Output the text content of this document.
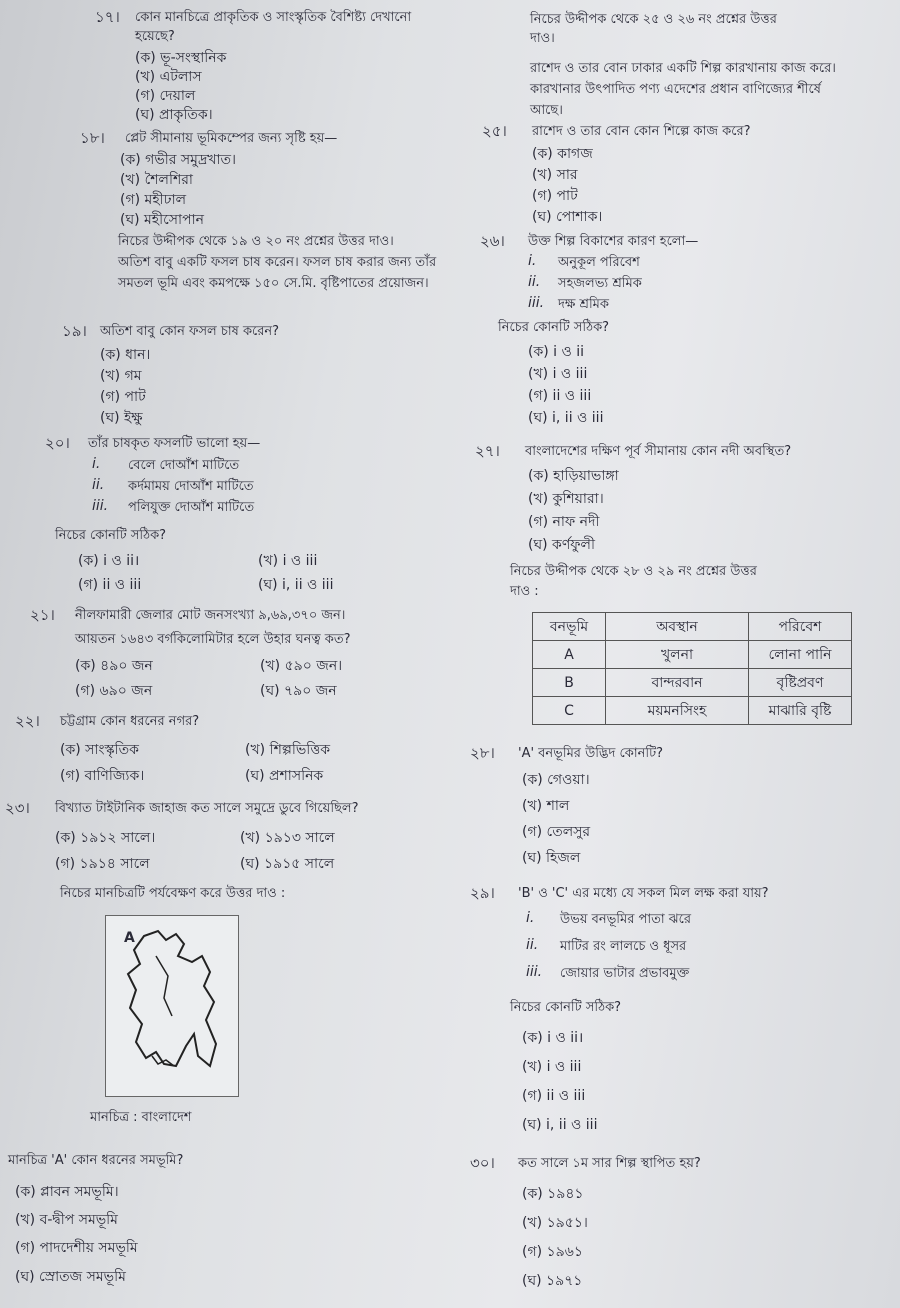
১৭। কোন মানচিত্রে প্রাকৃতিক ও সাংস্কৃতিক বৈশিষ্ট্য দেখানো
হয়েছে?
(ক) ভূ-সংস্থানিক
(খ) এটলাস
(গ) দেয়াল
(ঘ) প্রাকৃতিক।
১৮। প্লেট সীমানায় ভূমিকম্পের জন্য সৃষ্টি হয়—
(ক) গভীর সমুদ্রখাত।
(খ) শৈলশিরা
(গ) মহীঢাল
(ঘ) মহীসোপান
নিচের উদ্দীপক থেকে ১৯ ও ২০ নং প্রশ্নের উত্তর দাও।
অতিশ বাবু একটি ফসল চাষ করেন। ফসল চাষ করার জন্য তাঁর সমতল ভূমি এবং কমপক্ষে ১৫০ সে.মি. বৃষ্টিপাতের প্রয়োজন।
১৯। অতিশ বাবু কোন ফসল চাষ করেন?
(ক) ধান।
(খ) গম
(গ) পাট
(ঘ) ইক্ষু
২০। তাঁর চাষকৃত ফসলটি ভালো হয়—
i. বেলে দোআঁশ মাটিতে
ii. কর্দমাময় দোআঁশ মাটিতে
iii. পলিযুক্ত দোআঁশ মাটিতে
নিচের কোনটি সঠিক?
(ক) i ও ii।	(খ) i ও iii
(গ) ii ও iii	(ঘ) i, ii ও iii
২১। নীলফামারী জেলার মোট জনসংখ্যা ৯,৬৯,৩৭০ জন।
আয়তন ১৬৪৩ বর্গকিলোমিটার হলে উহার ঘনত্ব কত?
(ক) ৪৯০ জন	(খ) ৫৯০ জন।
(গ) ৬৯০ জন	(ঘ) ৭৯০ জন
২২। চট্টগ্রাম কোন ধরনের নগর?
(ক) সাংস্কৃতিক	(খ) শিল্পভিত্তিক
(গ) বাণিজ্যিক।	(ঘ) প্রশাসনিক
২৩। বিখ্যাত টাইটানিক জাহাজ কত সালে সমুদ্রে ডুবে গিয়েছিল?
(ক) ১৯১২ সালে।	(খ) ১৯১৩ সালে
(গ) ১৯১৪ সালে	(ঘ) ১৯১৫ সালে
নিচের মানচিত্রটি পর্যবেক্ষণ করে উত্তর দাও :
A
মানচিত্র : বাংলাদেশ
মানচিত্র 'A' কোন ধরনের সমভূমি?
(ক) প্লাবন সমভূমি।
(খ) ব-দ্বীপ সমভূমি
(গ) পাদদেশীয় সমভূমি
(ঘ) স্রোতজ সমভূমি
নিচের উদ্দীপক থেকে ২৫ ও ২৬ নং প্রশ্নের উত্তর
দাও।
রাশেদ ও তার বোন ঢাকার একটি শিল্প কারখানায় কাজ করে। কারখানার উৎপাদিত পণ্য এদেশের প্রধান বাণিজ্যের শীর্ষে আছে।
২৫। রাশেদ ও তার বোন কোন শিল্পে কাজ করে?
(ক) কাগজ
(খ) সার
(গ) পাট
(ঘ) পোশাক।
২৬। উক্ত শিল্প বিকাশের কারণ হলো—
i. অনুকূল পরিবেশ
ii. সহজলভ্য শ্রমিক
iii. দক্ষ শ্রমিক
নিচের কোনটি সঠিক?
(ক) i ও ii
(খ) i ও iii
(গ) ii ও iii
(ঘ) i, ii ও iii
২৭। বাংলাদেশের দক্ষিণ পূর্ব সীমানায় কোন নদী অবস্থিত?
(ক) হাড়িয়াভাঙ্গা
(খ) কুশিয়ারা।
(গ) নাফ নদী
(ঘ) কর্ণফুলী
নিচের উদ্দীপক থেকে ২৮ ও ২৯ নং প্রশ্নের উত্তর
দাও :
বনভূমি	অবস্থান	পরিবেশ
A	খুলনা	লোনা পানি
B	বান্দরবান	বৃষ্টিপ্রবণ
C	ময়মনসিংহ	মাঝারি বৃষ্টি
২৮। 'A' বনভূমির উদ্ভিদ কোনটি?
(ক) গেওয়া।
(খ) শাল
(গ) তেলসুর
(ঘ) হিজল
২৯। 'B' ও 'C' এর মধ্যে যে সকল মিল লক্ষ করা যায়?
i. উভয় বনভূমির পাতা ঝরে
ii. মাটির রং লালচে ও ধূসর
iii. জোয়ার ভাটার প্রভাবমুক্ত
নিচের কোনটি সঠিক?
(ক) i ও ii।
(খ) i ও iii
(গ) ii ও iii
(ঘ) i, ii ও iii
৩০। কত সালে ১ম সার শিল্প স্থাপিত হয়?
(ক) ১৯৪১
(খ) ১৯৫১।
(গ) ১৯৬১
(ঘ) ১৯৭১
